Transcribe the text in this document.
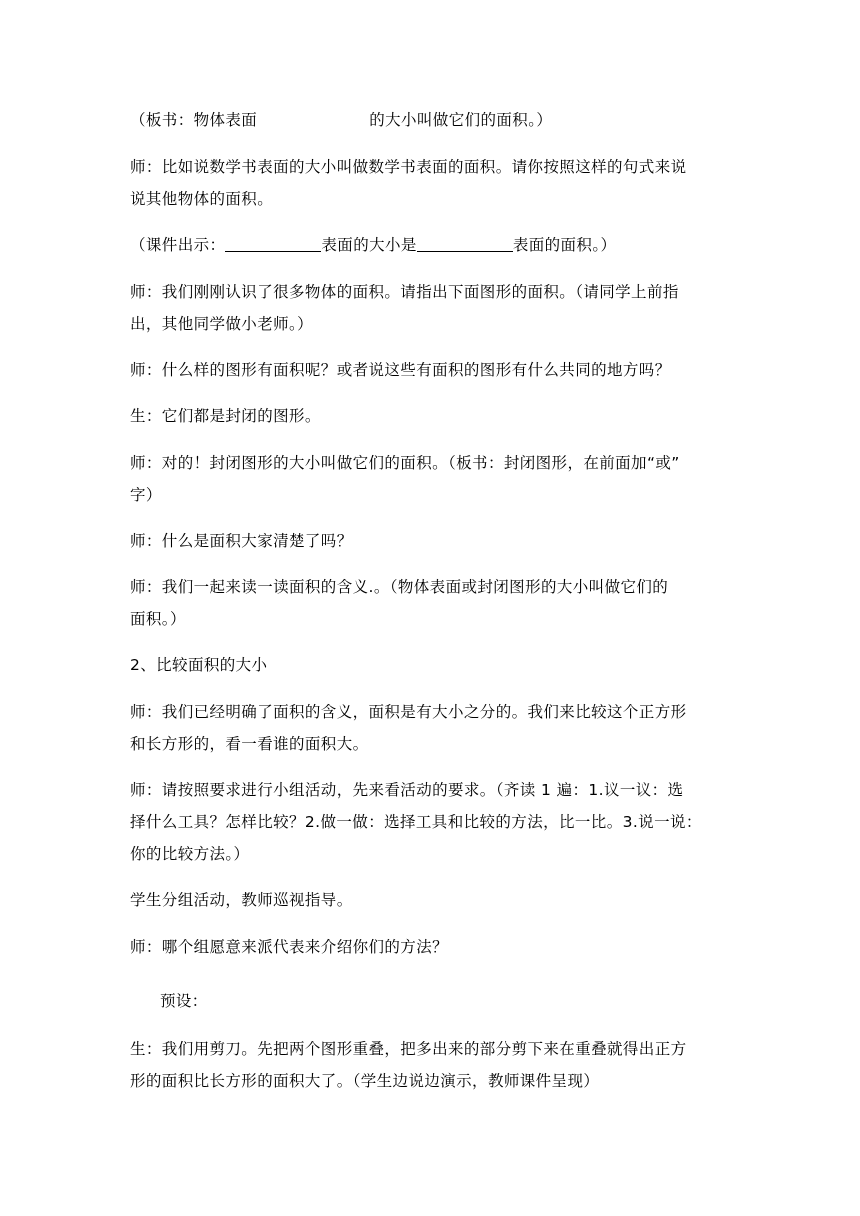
（板书：物体表面	的大小叫做它们的面积。）
师：比如说数学书表面的大小叫做数学书表面的面积。请你按照这样的句式来说
说其他物体的面积。
（课件出示：	表面的大小是	表面的面积。）
师：我们刚刚认识了很多物体的面积。请指出下面图形的面积。（请同学上前指
出，其他同学做小老师。）
师：什么样的图形有面积呢？或者说这些有面积的图形有什么共同的地方吗？
生：它们都是封闭的图形。
师：对的！封闭图形的大小叫做它们的面积。（板书：封闭图形，在前面加“或”
字）
师：什么是面积大家清楚了吗？
师：我们一起来读一读面积的含义.。（物体表面或封闭图形的大小叫做它们的
面积。）
2、比较面积的大小
师：我们已经明确了面积的含义，面积是有大小之分的。我们来比较这个正方形
和长方形的，看一看谁的面积大。
师：请按照要求进行小组活动，先来看活动的要求。（齐读 1 遍：1.议一议：选
择什么工具？怎样比较？2.做一做：选择工具和比较的方法，比一比。3.说一说：
你的比较方法。）
学生分组活动，教师巡视指导。
师：哪个组愿意来派代表来介绍你们的方法？
预设：
生：我们用剪刀。先把两个图形重叠，把多出来的部分剪下来在重叠就得出正方
形的面积比长方形的面积大了。（学生边说边演示，教师课件呈现）
